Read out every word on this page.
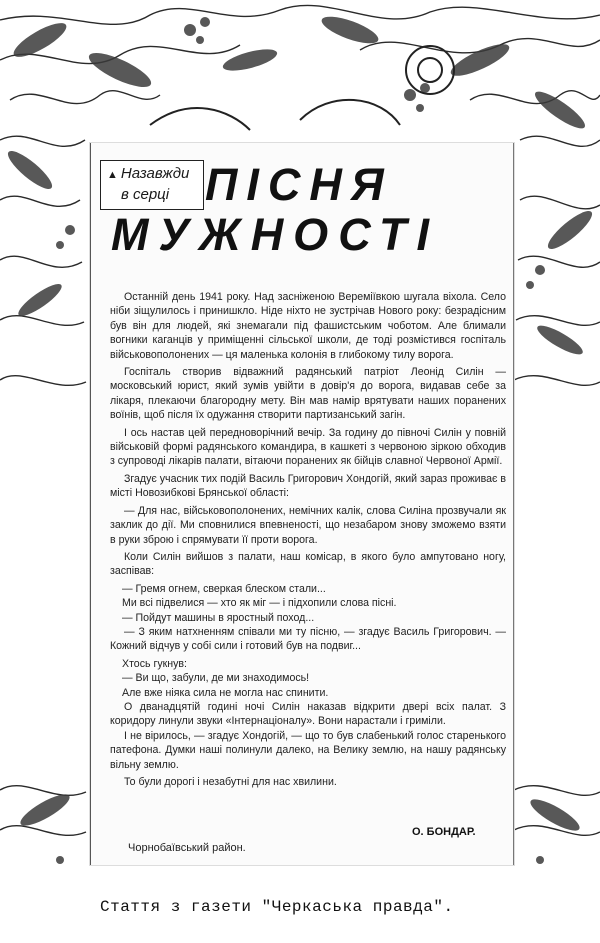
▲ Назавжди
в серці ПІСНЯ
МУЖНОСТІ

Останній день 1941 року. Над засніженою Вереміївкою шугала віхола. Село ніби зіщулилось і принишкло. Ніде ніхто не зустрічав Нового року: безрадісним був він для людей, які знемагали під фашистським чоботом. Але блимали вогники каганців у приміщенні сільської школи, де тоді розмістився госпіталь військовополонених — ця маленька колонія в глибокому тилу ворога.

Госпіталь створив відважний радянський патріот Леонід Силін — московський юрист, який зумів увійти в довір'я до ворога, видавав себе за лікаря, плекаючи благородну мету. Він мав намір врятувати наших поранених воїнів, щоб після їх одужання створити партизанський загін.

І ось настав цей передноворічний вечір. За годину до півночі Силін у повній військовій формі радянського командира, в кашкеті з червоною зіркою обходив з супроводі лікарів палати, вітаючи поранених як бійців славної Червоної Армії.

Згадує учасник тих подій Василь Григорович Хондогій, який зараз проживає в місті Новозибкові Брянської області:

— Для нас, військовополонених, немічних калік, слова Силіна прозвучали як заклик до дії. Ми сповнилися впевненості, що незабаром знову зможемо взяти в руки зброю і спрямувати її проти ворога.

Коли Силін вийшов з палати, наш комісар, в якого було ампутовано ногу, заспівав:

— Гремя огнем, сверкая блеском стали...

Ми всі підвелися — хто як міг — і підхопили слова пісні.

— Пойдут машины в яростный поход...

— З яким натхненням співали ми ту пісню, — згадує Василь Григорович. — Кожний відчув у собі сили і готовий був на подвиг...

Хтось гукнув:

— Ви що, забули, де ми знаходимось!

Але вже ніяка сила не могла нас спинити.

О дванадцятій годині ночі Силін наказав відкрити двері всіх палат. З коридору линули звуки «Інтернаціоналу». Вони нарастали і гриміли.

І не вірилось, — згадує Хондогій, — що то був слабенький голос старенького патефона. Думки наші полинули далеко, на Велику землю, на нашу радянську вільну землю.

То були дорогі і незабутні для нас хвилини.

О. БОНДАР.
Чорнобаївський район.
Стаття з газети "Черкаська правда".
